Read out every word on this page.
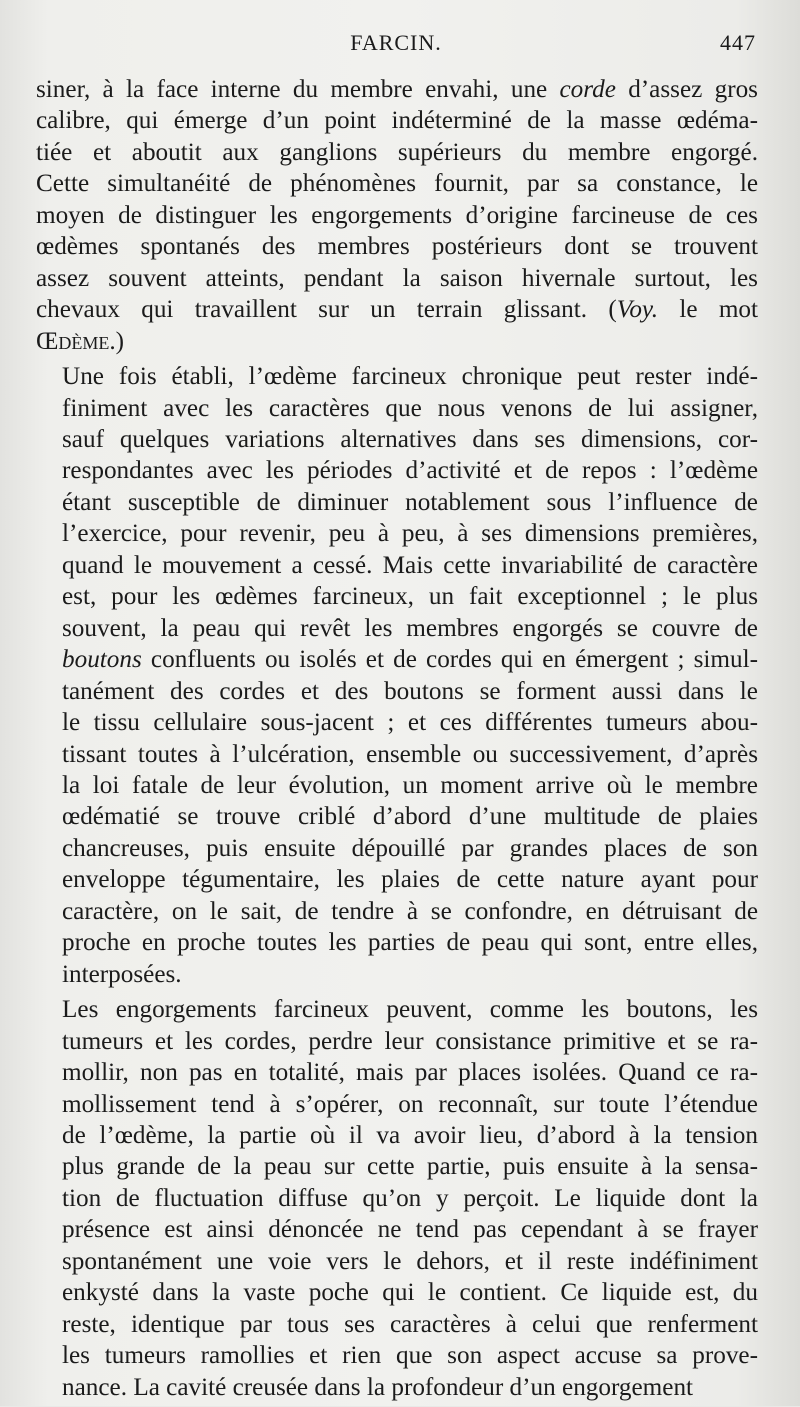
FARCIN.	447
siner, à la face interne du membre envahi, une corde d’assez gros
calibre, qui émerge d’un point indéterminé de la masse œdéma-
tiée et aboutit aux ganglions supérieurs du membre engorgé.
Cette simultanéité de phénomènes fournit, par sa constance, le
moyen de distinguer les engorgements d’origine farcineuse de ces
œdèmes spontanés des membres postérieurs dont se trouvent
assez souvent atteints, pendant la saison hivernale surtout, les
chevaux qui travaillent sur un terrain glissant. (Voy. le mot
Œdème.)
Une fois établi, l’œdème farcineux chronique peut rester indé-
finiment avec les caractères que nous venons de lui assigner,
sauf quelques variations alternatives dans ses dimensions, cor-
respondantes avec les périodes d’activité et de repos : l’œdème
étant susceptible de diminuer notablement sous l’influence de
l’exercice, pour revenir, peu à peu, à ses dimensions premières,
quand le mouvement a cessé. Mais cette invariabilité de caractère
est, pour les œdèmes farcineux, un fait exceptionnel ; le plus
souvent, la peau qui revêt les membres engorgés se couvre de
boutons confluents ou isolés et de cordes qui en émergent ; simul-
tanément des cordes et des boutons se forment aussi dans le
le tissu cellulaire sous-jacent ; et ces différentes tumeurs abou-
tissant toutes à l’ulcération, ensemble ou successivement, d’après
la loi fatale de leur évolution, un moment arrive où le membre
œdématié se trouve criblé d’abord d’une multitude de plaies
chancreuses, puis ensuite dépouillé par grandes places de son
enveloppe tégumentaire, les plaies de cette nature ayant pour
caractère, on le sait, de tendre à se confondre, en détruisant de
proche en proche toutes les parties de peau qui sont, entre elles,
interposées.
Les engorgements farcineux peuvent, comme les boutons, les
tumeurs et les cordes, perdre leur consistance primitive et se ra-
mollir, non pas en totalité, mais par places isolées. Quand ce ra-
mollissement tend à s’opérer, on reconnaît, sur toute l’étendue
de l’œdème, la partie où il va avoir lieu, d’abord à la tension
plus grande de la peau sur cette partie, puis ensuite à la sensa-
tion de fluctuation diffuse qu’on y perçoit. Le liquide dont la
présence est ainsi dénoncée ne tend pas cependant à se frayer
spontanément une voie vers le dehors, et il reste indéfiniment
enkysté dans la vaste poche qui le contient. Ce liquide est, du
reste, identique par tous ses caractères à celui que renferment
les tumeurs ramollies et rien que son aspect accuse sa prove-
nance. La cavité creusée dans la profondeur d’un engorgement
